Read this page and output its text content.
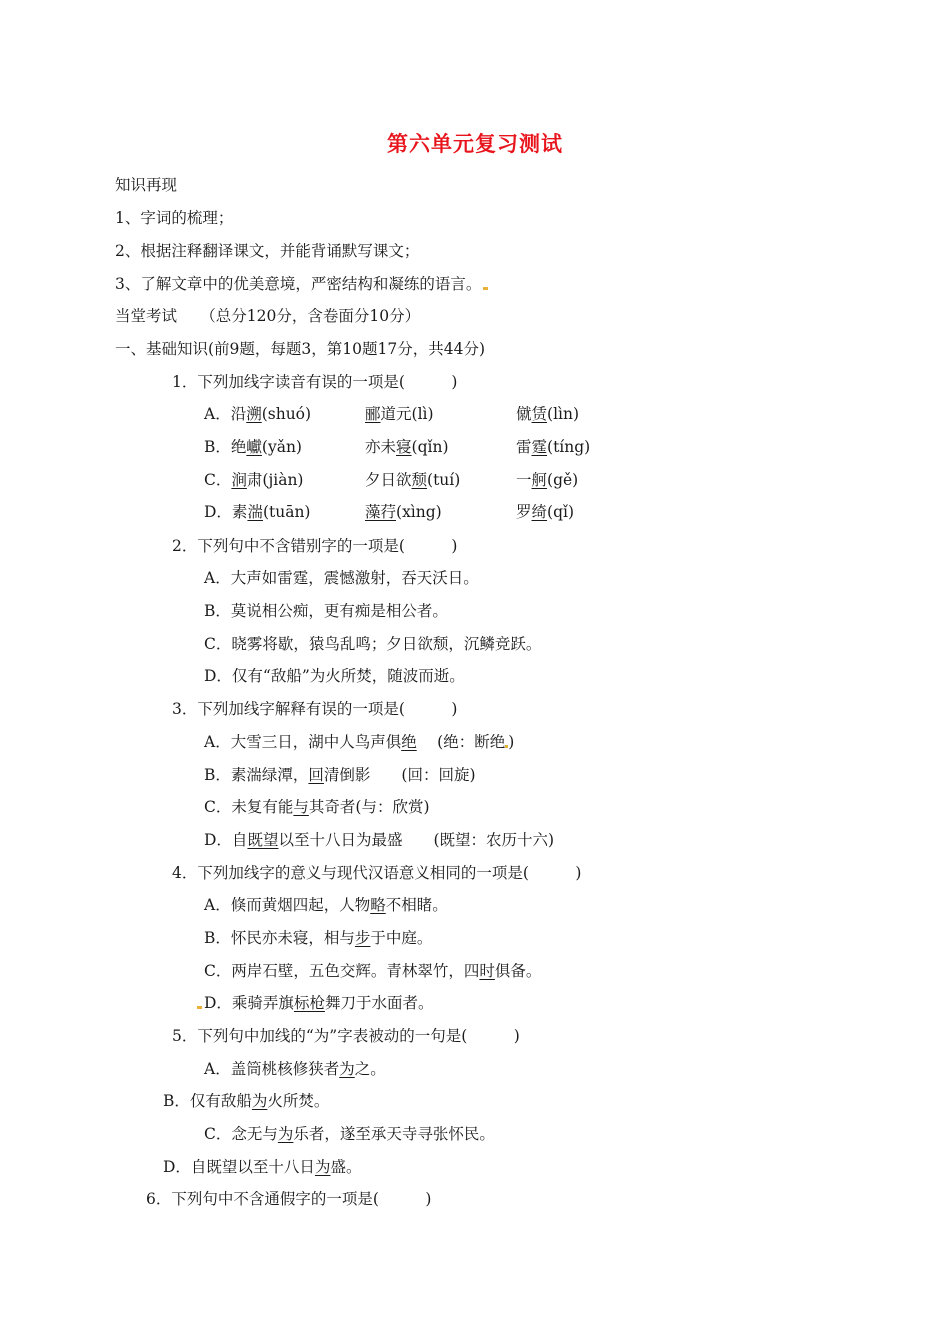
第六单元复习测试
知识再现
1、字词的梳理；
2、根据注释翻译课文，并能背诵默写课文；
3、了解文章中的优美意境，严密结构和凝练的语言。
当堂考试　　 （总分120分，含卷面分10分）
一、基础知识(前9题，每题3，第10题17分，共44分)
1．下列加线字读音有误的一项是(　　　)
A．沿溯(shuó)	郦道元(lì)	僦赁(lìn)
B．绝巘(yǎn)	亦未寝(qǐn)	雷霆(tíng)
C．涧肃(jiàn)	夕日欲颓(tuí)	一舸(gě)
D．素湍(tuān)	藻荇(xìng)	罗绮(qǐ)
2．下列句中不含错别字的一项是(　　　)
A．大声如雷霆，震憾激射，吞天沃日。
B．莫说相公痴，更有痴是相公者。
C．晓雾将歇，猿鸟乱鸣；夕日欲颓，沉鳞竞跃。
D．仅有“敌船”为火所焚，随波而逝。
3．下列加线字解释有误的一项是(　　　)
A．大雪三日，湖中人鸟声俱绝　 (绝：断绝 )
B．素湍绿潭，回清倒影　　(回：回旋)
C．未复有能与其奇者(与：欣赏)
D．自既望以至十八日为最盛　　(既望：农历十六)
4．下列加线字的意义与现代汉语意义相同的一项是(　　　)
A．倏而黄烟四起，人物略不相睹。
B．怀民亦未寝，相与步于中庭。
C．两岸石壁，五色交辉。青林翠竹，四时俱备。
D．乘骑弄旗标枪舞刀于水面者。
5．下列句中加线的“为”字表被动的一句是(　　　)
A．盖筒桃核修狭者为之。
B．仅有敌船为火所焚。
C．念无与为乐者，遂至承天寺寻张怀民。
D．自既望以至十八日为盛。
6．下列句中不含通假字的一项是(　　　)
